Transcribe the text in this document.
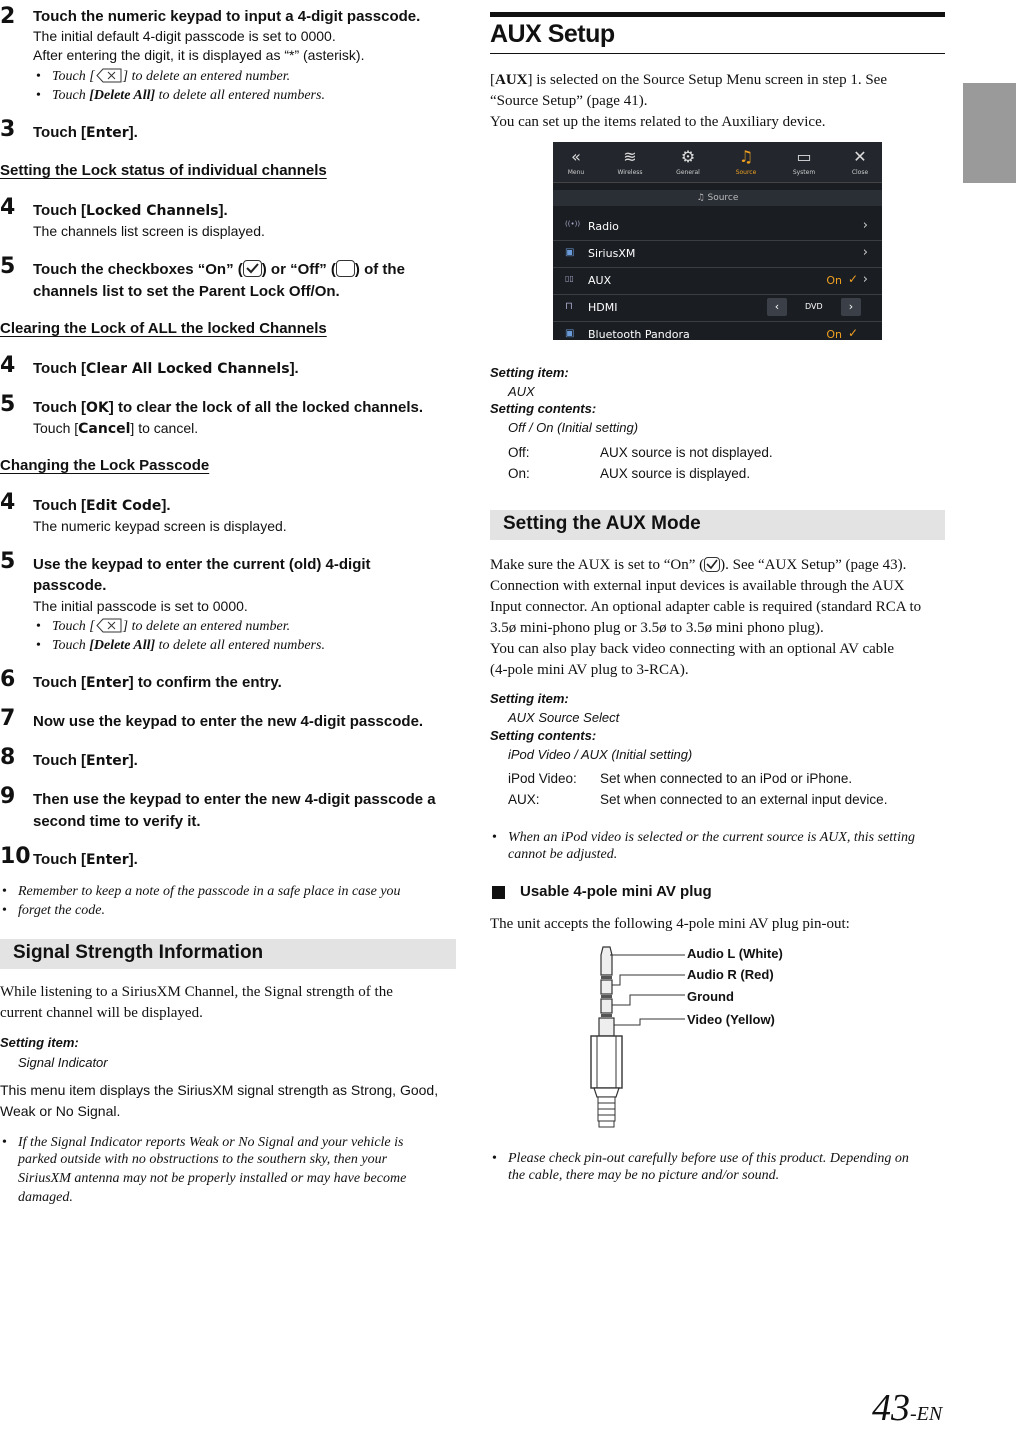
2 Touch the numeric keypad to input a 4-digit passcode.
The initial default 4-digit passcode is set to 0000.
After entering the digit, it is displayed as “*” (asterisk).
• Touch [ ] to delete an entered number.
• Touch [Delete All] to delete all entered numbers.
3 Touch [Enter].
Setting the Lock status of individual channels
4 Touch [Locked Channels].
The channels list screen is displayed.
5 Touch the checkboxes “On” ( ) or “Off” ( ) of the
channels list to set the Parent Lock Off/On.
Clearing the Lock of ALL the locked Channels
4 Touch [Clear All Locked Channels].
5 Touch [OK] to clear the lock of all the locked channels.
Touch [Cancel] to cancel.
Changing the Lock Passcode
4 Touch [Edit Code].
The numeric keypad screen is displayed.
5 Use the keypad to enter the current (old) 4-digit
passcode.
The initial passcode is set to 0000.
• Touch [ ] to delete an entered number.
• Touch [Delete All] to delete all entered numbers.
6 Touch [Enter] to confirm the entry.
7 Now use the keypad to enter the new 4-digit passcode.
8 Touch [Enter].
9 Then use the keypad to enter the new 4-digit passcode a
second time to verify it.
10 Touch [Enter].
• Remember to keep a note of the passcode in a safe place in case you
• forget the code.
Signal Strength Information
While listening to a SiriusXM Channel, the Signal strength of the
current channel will be displayed.
Setting item:
Signal Indicator
This menu item displays the SiriusXM signal strength as Strong, Good,
Weak or No Signal.
• If the Signal Indicator reports Weak or No Signal and your vehicle is
parked outside with no obstructions to the southern sky, then your
SiriusXM antenna may not be properly installed or may have become
damaged.
AUX Setup
[AUX] is selected on the Source Setup Menu screen in step 1. See
“Source Setup” (page 41).
You can set up the items related to the Auxiliary device.
«
Menu
≋
Wireless
⚙
General
♫
Source
▭
System
✕
Close
♫ Source
((•)) Radio	›
▣	SiriusXM	›
▯▯	AUX	On ✓ ›
⊓	HDMI	‹	DVD	›
▣	Bluetooth Pandora	On ✓
Setting item:
AUX
Setting contents:
Off / On (Initial setting)
Off:	AUX source is not displayed.
On:	AUX source is displayed.
Setting the AUX Mode
Make sure the AUX is set to “On” ( ). See “AUX Setup” (page 43).
Connection with external input devices is available through the AUX
Input connector. An optional adapter cable is required (standard RCA to
3.5ø mini-phono plug or 3.5ø to 3.5ø mini phono plug).
You can also play back video connecting with an optional AV cable
(4-pole mini AV plug to 3-RCA).
Setting item:
AUX Source Select
Setting contents:
iPod Video / AUX (Initial setting)
iPod Video: Set when connected to an iPod or iPhone.
AUX:	Set when connected to an external input device.
• When an iPod video is selected or the current source is AUX, this setting
cannot be adjusted.
Usable 4-pole mini AV plug
The unit accepts the following 4-pole mini AV plug pin-out:
Audio L (White)
Audio R (Red)
Ground
Video (Yellow)
• Please check pin-out carefully before use of this product. Depending on
the cable, there may be no picture and/or sound.
43-EN
